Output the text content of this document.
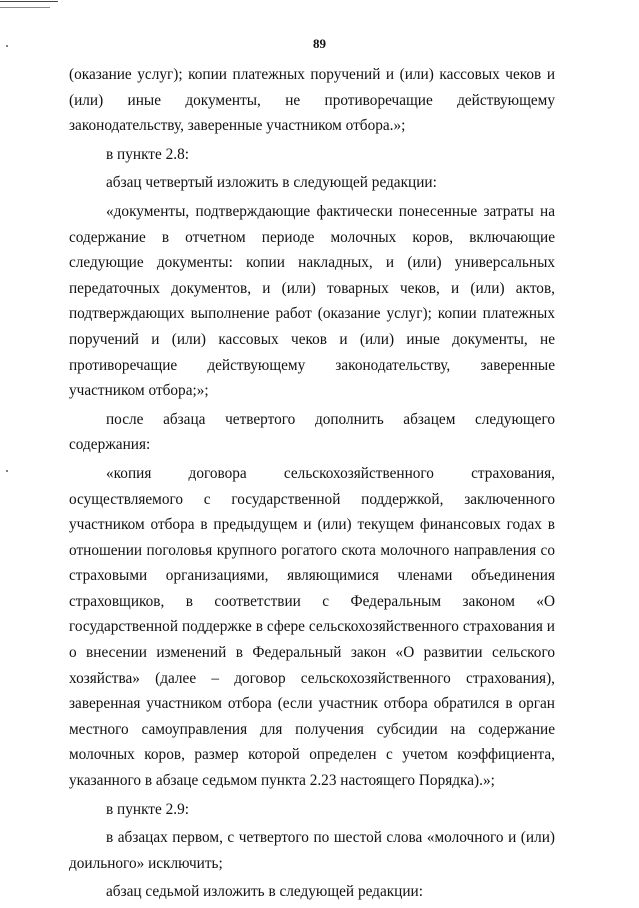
89

(оказание услуг); копии платежных поручений и (или) кассовых чеков и (или) иные документы, не противоречащие действующему законодательству, заверенные участником отбора.»;

в пункте 2.8:

абзац четвертый изложить в следующей редакции:

«документы, подтверждающие фактически понесенные затраты на содержание в отчетном периоде молочных коров, включающие следующие документы: копии накладных, и (или) универсальных передаточных документов, и (или) товарных чеков, и (или) актов, подтверждающих выполнение работ (оказание услуг); копии платежных поручений и (или) кассовых чеков и (или) иные документы, не противоречащие действующему законодательству, заверенные участником отбора;»;

после абзаца четвертого дополнить абзацем следующего содержания:

«копия договора сельскохозяйственного страхования, осуществляемого с государственной поддержкой, заключенного участником отбора в предыдущем и (или) текущем финансовых годах в отношении поголовья крупного рогатого скота молочного направления со страховыми организациями, являющимися членами объединения страховщиков, в соответствии с Федеральным законом «О государственной поддержке в сфере сельскохозяйственного страхования и о внесении изменений в Федеральный закон «О развитии сельского хозяйства» (далее – договор сельскохозяйственного страхования), заверенная участником отбора (если участник отбора обратился в орган местного самоуправления для получения субсидии на содержание молочных коров, размер которой определен с учетом коэффициента, указанного в абзаце седьмом пункта 2.23 настоящего Порядка).»;

в пункте 2.9:

в абзацах первом, с четвертого по шестой слова «молочного и (или) доильного» исключить;

абзац седьмой изложить в следующей редакции:
